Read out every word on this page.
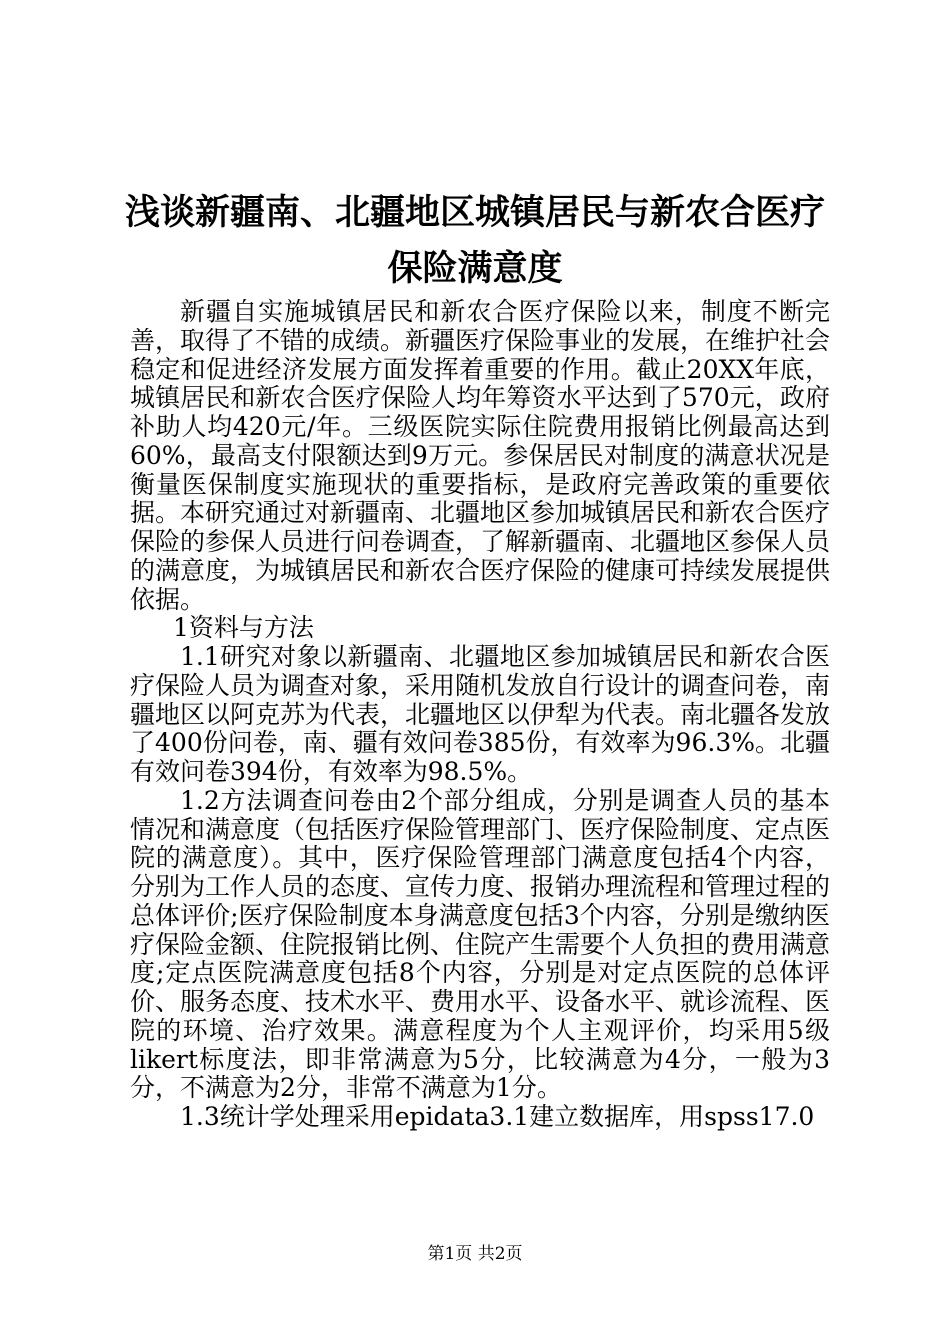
浅谈新疆南、北疆地区城镇居民与新农合医疗
保险满意度

新疆自实施城镇居民和新农合医疗保险以来，制度不断完善，取得了不错的成绩。新疆医疗保险事业的发展，在维护社会稳定和促进经济发展方面发挥着重要的作用。截止20XX年底，城镇居民和新农合医疗保险人均年筹资水平达到了570元，政府补助人均420元/年。三级医院实际住院费用报销比例最高达到60%，最高支付限额达到9万元。参保居民对制度的满意状况是衡量医保制度实施现状的重要指标，是政府完善政策的重要依据。本研究通过对新疆南、北疆地区参加城镇居民和新农合医疗保险的参保人员进行问卷调查，了解新疆南、北疆地区参保人员的满意度，为城镇居民和新农合医疗保险的健康可持续发展提供依据。

1资料与方法

1.1研究对象以新疆南、北疆地区参加城镇居民和新农合医疗保险人员为调查对象，采用随机发放自行设计的调查问卷，南疆地区以阿克苏为代表，北疆地区以伊犁为代表。南北疆各发放了400份问卷，南、疆有效问卷385份，有效率为96.3%。北疆有效问卷394份，有效率为98.5%。

1.2方法调查问卷由2个部分组成，分别是调查人员的基本情况和满意度（包括医疗保险管理部门、医疗保险制度、定点医院的满意度）。其中，医疗保险管理部门满意度包括4个内容，分别为工作人员的态度、宣传力度、报销办理流程和管理过程的总体评价;医疗保险制度本身满意度包括3个内容，分别是缴纳医疗保险金额、住院报销比例、住院产生需要个人负担的费用满意度;定点医院满意度包括8个内容，分别是对定点医院的总体评价、服务态度、技术水平、费用水平、设备水平、就诊流程、医院的环境、治疗效果。满意程度为个人主观评价，均采用5级likert标度法，即非常满意为5分，比较满意为4分，一般为3分，不满意为2分，非常不满意为1分。

1.3统计学处理采用epidata3.1建立数据库，用spss17.0

第1页 共2页
